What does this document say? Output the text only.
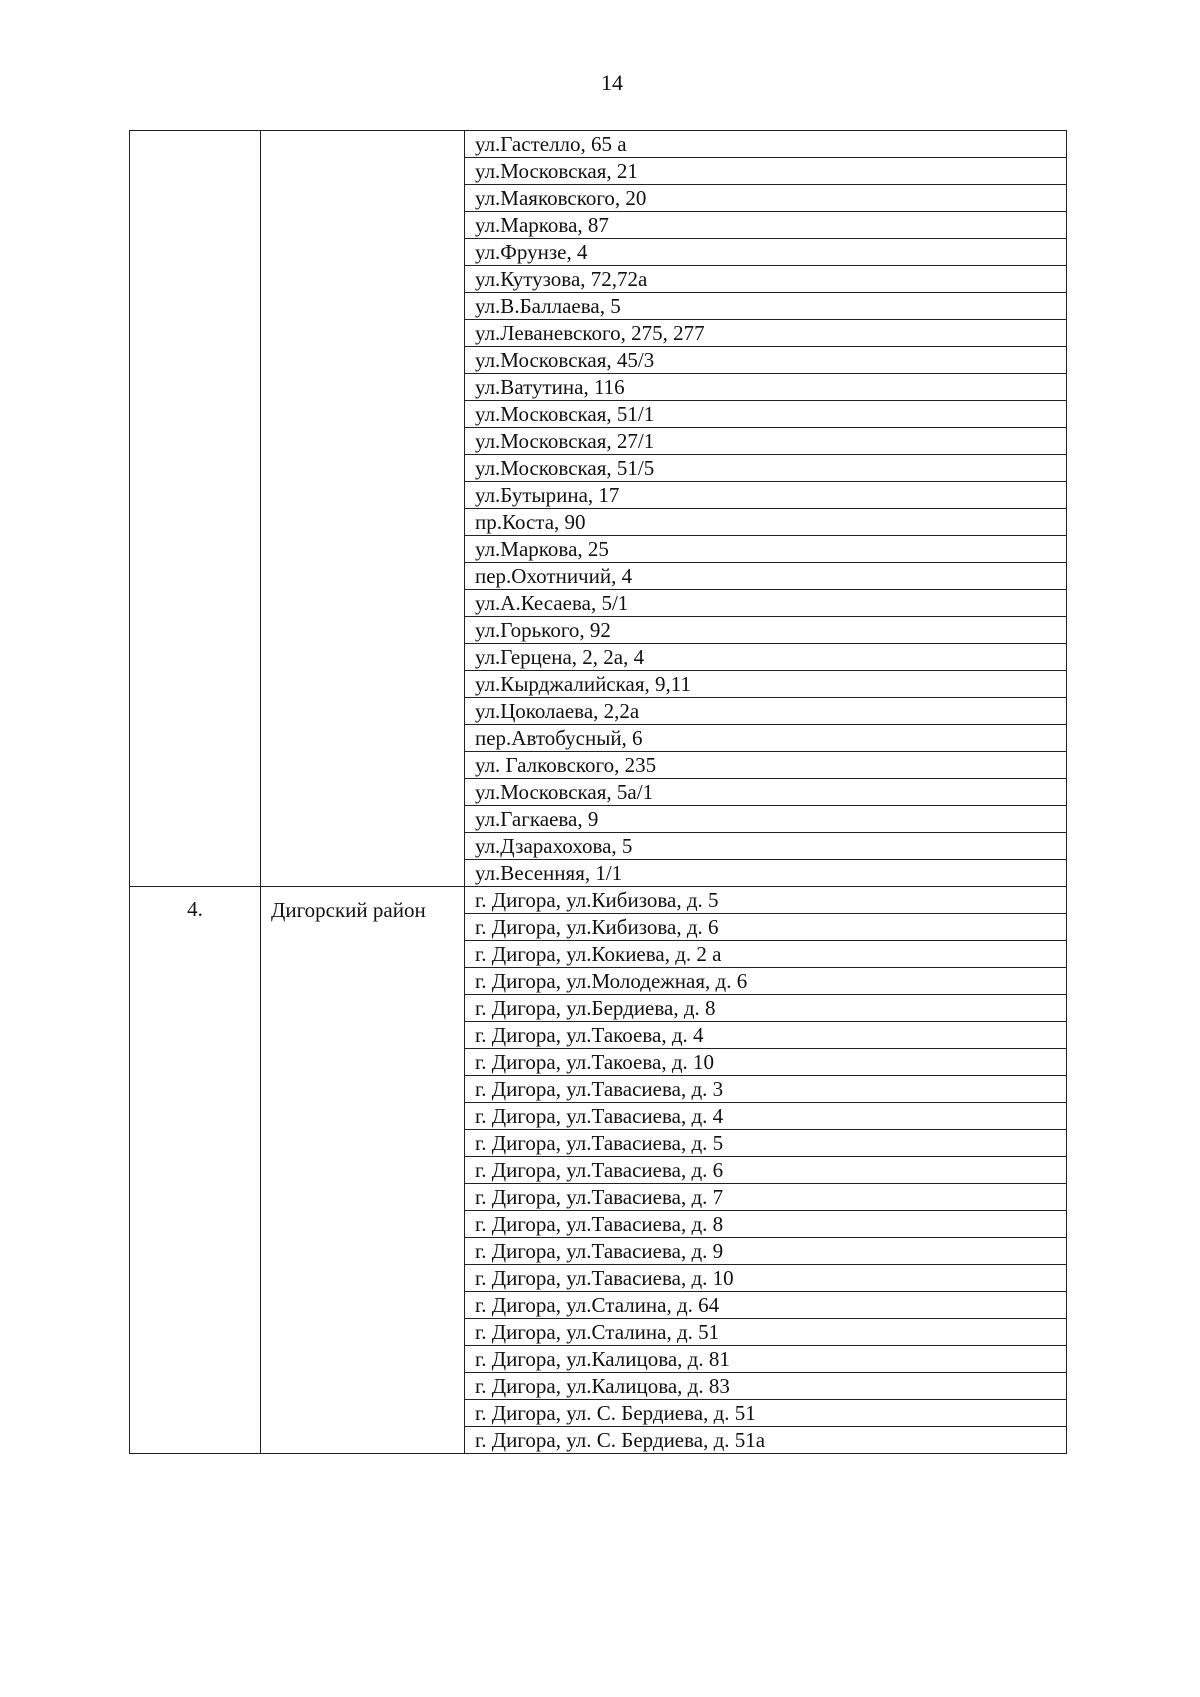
14
		ул.Гастелло, 65 а
		ул.Московская, 21
		ул.Маяковского, 20
		ул.Маркова, 87
		ул.Фрунзе, 4
		ул.Кутузова, 72,72а
		ул.В.Баллаева, 5
		ул.Леваневского, 275, 277
		ул.Московская, 45/3
		ул.Ватутина, 116
		ул.Московская, 51/1
		ул.Московская, 27/1
		ул.Московская, 51/5
		ул.Бутырина, 17
		пр.Коста, 90
		ул.Маркова, 25
		пер.Охотничий, 4
		ул.А.Кесаева, 5/1
		ул.Горького, 92
		ул.Герцена, 2, 2а, 4
		ул.Кырджалийская, 9,11
		ул.Цоколаева, 2,2а
		пер.Автобусный, 6
		ул. Галковского, 235
		ул.Московская, 5а/1
		ул.Гагкаева, 9
		ул.Дзарахохова, 5
		ул.Весенняя, 1/1
4.	Дигорский район	г. Дигора, ул.Кибизова, д. 5
		г. Дигора, ул.Кибизова, д. 6
		г. Дигора, ул.Кокиева, д. 2 а
		г. Дигора, ул.Молодежная, д. 6
		г. Дигора, ул.Бердиева, д. 8
		г. Дигора, ул.Такоева, д. 4
		г. Дигора, ул.Такоева, д. 10
		г. Дигора, ул.Тавасиева, д. 3
		г. Дигора, ул.Тавасиева, д. 4
		г. Дигора, ул.Тавасиева, д. 5
		г. Дигора, ул.Тавасиева, д. 6
		г. Дигора, ул.Тавасиева, д. 7
		г. Дигора, ул.Тавасиева, д. 8
		г. Дигора, ул.Тавасиева, д. 9
		г. Дигора, ул.Тавасиева, д. 10
		г. Дигора, ул.Сталина, д. 64
		г. Дигора, ул.Сталина, д. 51
		г. Дигора, ул.Калицова, д. 81
		г. Дигора, ул.Калицова, д. 83
		г. Дигора, ул. С. Бердиева, д. 51
		г. Дигора, ул. С. Бердиева, д. 51а
